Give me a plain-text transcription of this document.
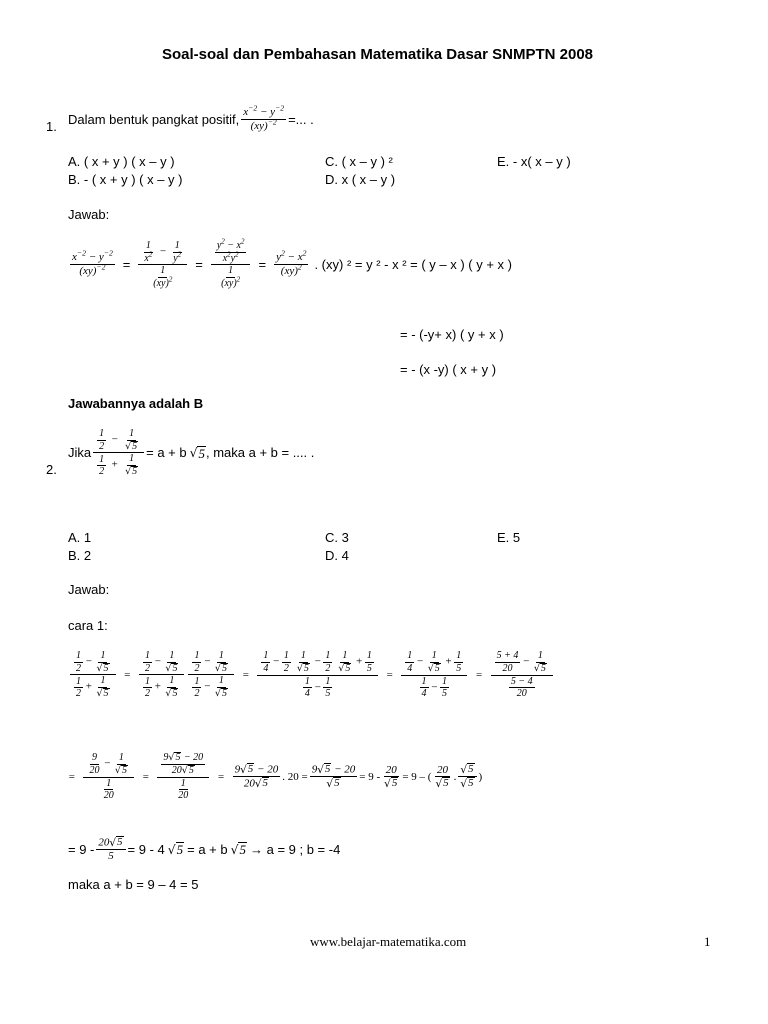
Soal-soal dan Pembahasan Matematika Dasar SNMPTN 2008
1. Dalam bentuk pangkat positif, $\frac{x^{-2} - y^{-2}}{(xy)^{-2}}$ =... .
A. ( x + y ) ( x – y )
B. - ( x + y ) ( x – y )
C. ( x – y ) ²
D. x ( x – y )
E. - x( x – y )
Jawab:
$\frac{x^{-2} - y^{-2}}{(xy)^{-2}} = \frac{\frac{1}{x^2} - \frac{1}{y^2}}{\frac{1}{(xy)^2}} = \frac{\frac{y^2 - x^2}{x^2y^2}}{\frac{1}{(xy)^2}} = \frac{y^2 - x^2}{(xy)^2}$ . (xy) ² = y ² - x ² = ( y – x ) ( y + x )
= - (-y+ x) ( y + x )
= - (x -y) ( x + y )
Jawabannya adalah B
2.
Jika $\frac{\frac{1}{2} - \frac{1}{√ 5}}{\frac{1}{2} + \frac{1}{√ 5}} = a + b$ √ 5 , maka a + b = .... .
A. 1
B. 2
C. 3
D. 4
E. 5
Jawab:
cara 1:
$\frac{\frac{1}{2} - \frac{1}{√ 5}}{\frac{1}{2} + \frac{1}{√ 5}} = \frac{\frac{1}{2} - \frac{1}{√ 5}}{\frac{1}{2} + \frac{1}{√ 5}} \frac{\frac{1}{2} - \frac{1}{√ 5}}{\frac{1}{2} - \frac{1}{√ 5}} = \frac{\frac{1}{4} - \frac{1}{2} \frac{1}{√ 5} - \frac{1}{2} \frac{1}{√ 5} + \frac{1}{5}}{\frac{1}{4} - \frac{1}{5}} = \frac{\frac{1}{4} - \frac{1}{√ 5} + \frac{1}{5}}{\frac{1}{4} - \frac{1}{5}} = \frac{\frac{5 + 4}{20} - \frac{1}{√ 5}}{\frac{5 - 4}{20}}$
= $\frac{\frac{9}{20} - \frac{1}{√ 5}}{\frac{1}{20}} = \frac{\frac{9 √ 5 - 20}{20 √ 5}}{\frac{1}{20}} = \frac{9 √ 5 - 20}{20 √ 5}$ . $20 = \frac{9 √ 5 - 20}{√ 5} = 9 - \frac{20}{√ 5} = 9$ – ( $\frac{20}{√ 5}$ . $\frac{√ 5}{√ 5}$ )
= $9 - \frac{20 √ 5}{5} = 9 - 4$ √ 5 = a + b √ 5 → a = 9 ; b = -4
maka a + b = 9 – 4 = 5
www.belajar-matematika.com	1
